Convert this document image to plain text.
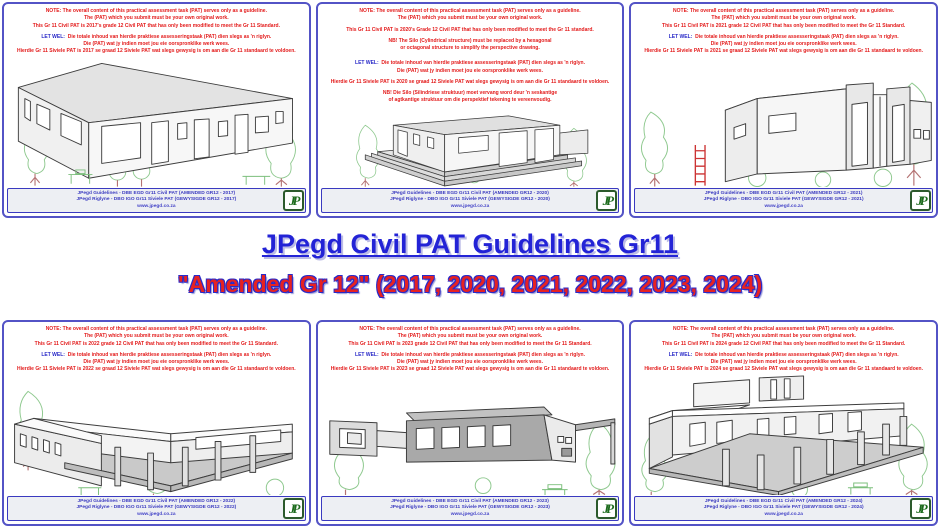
NOTE: The overall content of this practical assessment task (PAT) serves only as a guideline.
The (PAT) which you submit must be your own original work.
This Gr 11 Civil PAT is 2017's grade 12 Civil PAT that has only been modified to meet the Gr 11 Standard.
LET WEL: Die totale inhoud van hierdie praktiese assesseringstaak (PAT) dien slegs as 'n riglyn.
Die (PAT) wat jy indien moet jou eie oorspronklike werk wees.
Hierdie Gr 11 Siviele PAT is 2017 se graad 12 Siviele PAT wat slegs gewysig is om aan die Gr 11 standaard te voldoen.
JPegd Guidelines - DBE EGD Gr11 Civil PAT (AMENDED GR12 - 2017)
JPegd Riglyne - DBO IGO Gr11 Siviele PAT (GEWYSIGDE GR12 - 2017)
www.jpegd.co.za	JP
NOTE: The overall content of this practical assessment task (PAT) serves only as a guideline.
The (PAT) which you submit must be your own original work.
This Gr 11 Civil PAT is 2020's Grade 12 Civil PAT that has only been modified to meet the Gr 11 standard.
NB! The Silo (Cylindrical structure) must be replaced by a hexagonal
or octagonal structure to simplify the perspective drawing.
LET WEL: Die totale inhoud van hierdie praktiese assesseringstaak (PAT) dien slegs as 'n riglyn.
Die (PAT) wat jy indien moet jou eie oorspronklike werk wees.
Hierdie Gr 11 Siviele PAT is 2020 se graad 12 Siviele PAT wat slegs gewysig is om aan die Gr 11 standaard te voldoen.
NB! Die Silo (Silindriese struktuur) moet vervang word deur 'n seskantige
of agtkantige struktuur om die perspektief tekening te vereenvoudig.
JPegd Guidelines - DBE EGD Gr11 Civil PAT (AMENDED GR12 - 2020)
JPegd Riglyne - DBO IGO Gr11 Siviele PAT (GEWYSIGDE GR12 - 2020)
www.jpegd.co.za	JP
NOTE: The overall content of this practical assessment task (PAT) serves only as a guideline.
The (PAT) which you submit must be your own original work.
This Gr 11 Civil PAT is 2021 grade 12 Civil PAT that has only been modified to meet the Gr 11 Standard.
LET WEL: Die totale inhoud van hierdie praktiese assesseringstaak (PAT) dien slegs as 'n riglyn.
Die (PAT) wat jy indien moet jou eie oorspronklike werk wees.
Hierdie Gr 11 Siviele PAT is 2021 se graad 12 Siviele PAT wat slegs gewysig is om aan die Gr 11 standaard te voldoen.
JPegd Guidelines - DBE EGD Gr11 Civil PAT (AMENDED GR12 - 2021)
JPegd Riglyne - DBO IGO Gr11 Siviele PAT (GEWYSIGDE GR12 - 2021)
www.jpegd.co.za	JP
JPegd Civil PAT Guidelines Gr11
"Amended Gr 12" (2017, 2020, 2021, 2022, 2023, 2024)
NOTE: The overall content of this practical assessment task (PAT) serves only as a guideline.
The (PAT) which you submit must be your own original work.
This Gr 11 Civil PAT is 2022 grade 12 Civil PAT that has only been modified to meet the Gr 11 Standard.
LET WEL: Die totale inhoud van hierdie praktiese assesseringstaak (PAT) dien slegs as 'n riglyn.
Die (PAT) wat jy indien moet jou eie oorspronklike werk wees.
Hierdie Gr 11 Siviele PAT is 2022 se graad 12 Siviele PAT wat slegs gewysig is om aan die Gr 11 standaard te voldoen.
JPegd Guidelines - DBE EGD Gr11 Civil PAT (AMENDED GR12 - 2022)
JPegd Riglyne - DBO IGO Gr11 Siviele PAT (GEWYSIGDE GR12 - 2022)
www.jpegd.co.za	JP
NOTE: The overall content of this practical assessment task (PAT) serves only as a guideline.
The (PAT) which you submit must be your own original work.
This Gr 11 Civil PAT is 2023 grade 12 Civil PAT that has only been modified to meet the Gr 11 Standard.
LET WEL: Die totale inhoud van hierdie praktiese assesseringstaak (PAT) dien slegs as 'n riglyn.
Die (PAT) wat jy indien moet jou eie oorspronklike werk wees.
Hierdie Gr 11 Siviele PAT is 2023 se graad 12 Siviele PAT wat slegs gewysig is om aan die Gr 11 standaard te voldoen.
JPegd Guidelines - DBE EGD Gr11 Civil PAT (AMENDED GR12 - 2023)
JPegd Riglyne - DBO IGO Gr11 Siviele PAT (GEWYSIGDE GR12 - 2023)
www.jpegd.co.za	JP
NOTE: The overall content of this practical assessment task (PAT) serves only as a guideline.
The (PAT) which you submit must be your own original work.
This Gr 11 Civil PAT is 2024 grade 12 Civil PAT that has only been modified to meet the Gr 11 Standard.
LET WEL: Die totale inhoud van hierdie praktiese assesseringstaak (PAT) dien slegs as 'n riglyn.
Die (PAT) wat jy indien moet jou eie oorspronklike werk wees.
Hierdie Gr 11 Siviele PAT is 2024 se graad 12 Siviele PAT wat slegs gewysig is om aan die Gr 11 standaard te voldoen.
JPegd Guidelines - DBE EGD Gr11 Civil PAT (AMENDED GR12 - 2024)
JPegd Riglyne - DBO IGO Gr11 Siviele PAT (GEWYSIGDE GR12 - 2024)
www.jpegd.co.za	JP
